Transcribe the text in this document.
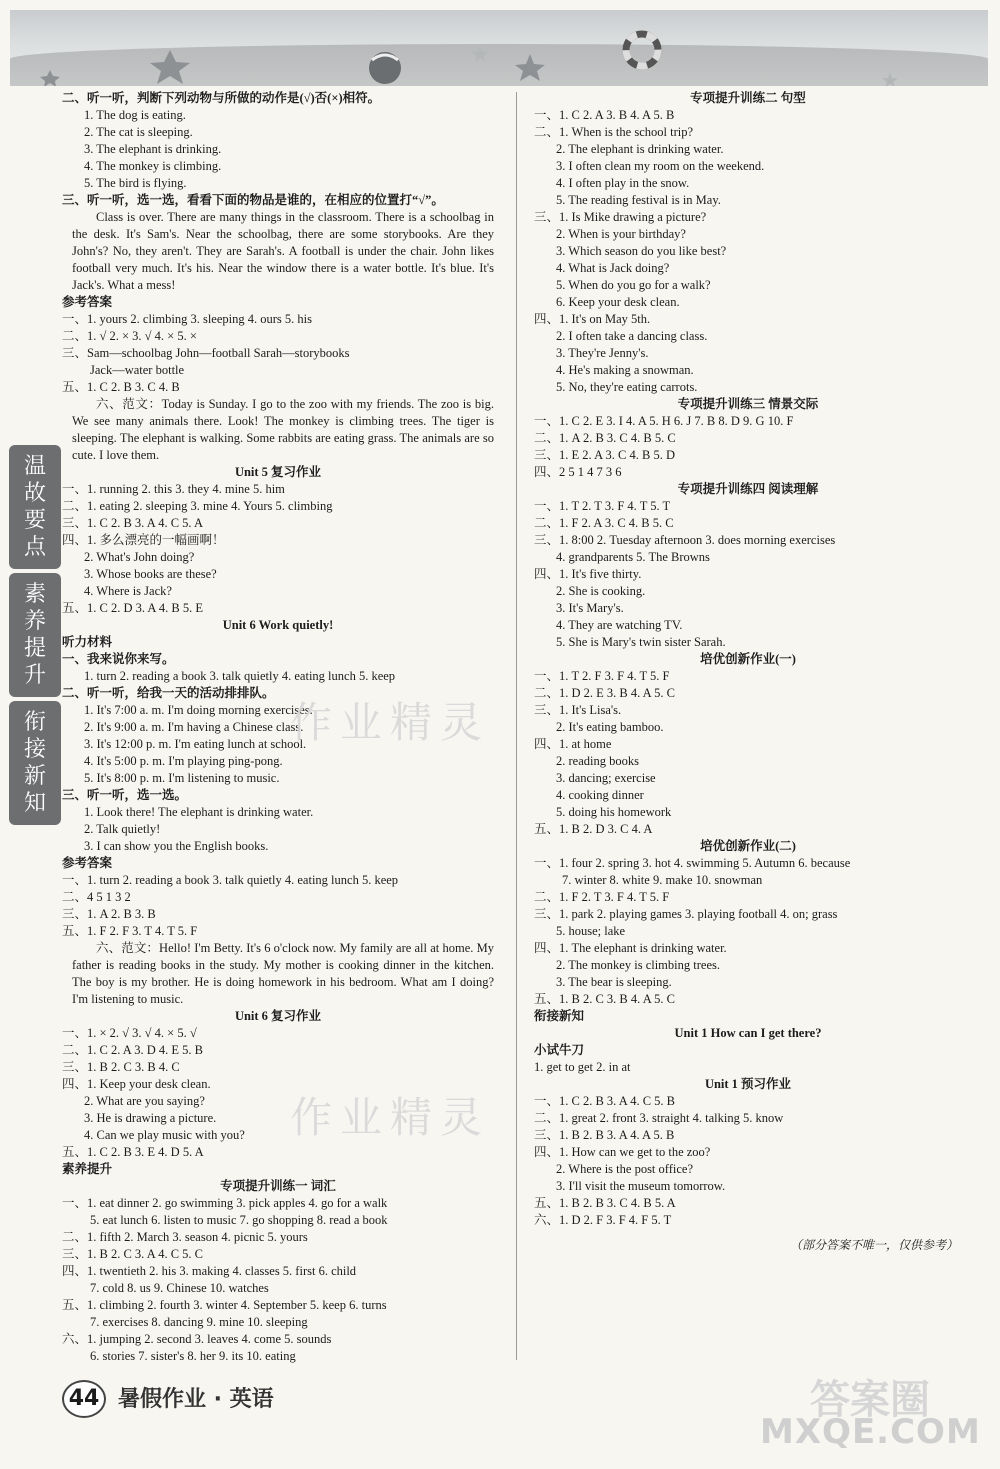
二、听一听，判断下列动物与所做的动作是(√)否(×)相符。
1. The dog is eating.
2. The cat is sleeping.
3. The elephant is drinking.
4. The monkey is climbing.
5. The bird is flying.
三、听一听，选一选，看看下面的物品是谁的，在相应的位置打“√”。
Class is over. There are many things in the classroom. There is a schoolbag in the desk. It's Sam's. Near the schoolbag, there are some storybooks. Are they John's? No, they aren't. They are Sarah's. A football is under the chair. John likes football very much. It's his. Near the window there is a water bottle. It's blue. It's Jack's. What a mess!
参考答案
一、1. yours 2. climbing 3. sleeping 4. ours 5. his
二、1. √ 2. × 3. √ 4. × 5. ×
三、Sam—schoolbag John—football Sarah—storybooks
Jack—water bottle
五、1. C 2. B 3. C 4. B
六、范文：Today is Sunday. I go to the zoo with my friends. The zoo is big. We see many animals there. Look! The monkey is climbing trees. The tiger is sleeping. The elephant is walking. Some rabbits are eating grass. The animals are so cute. I love them.
Unit 5 复习作业
一、1. running 2. this 3. they 4. mine 5. him
二、1. eating 2. sleeping 3. mine 4. Yours 5. climbing
三、1. C 2. B 3. A 4. C 5. A
四、1. 多么漂亮的一幅画啊！
2. What's John doing?
3. Whose books are these?
4. Where is Jack?
五、1. C 2. D 3. A 4. B 5. E
Unit 6 Work quietly!
听力材料
一、我来说你来写。
1. turn 2. reading a book 3. talk quietly 4. eating lunch 5. keep
二、听一听，给我一天的活动排排队。
1. It's 7:00 a. m. I'm doing morning exercises.
2. It's 9:00 a. m. I'm having a Chinese class.
3. It's 12:00 p. m. I'm eating lunch at school.
4. It's 5:00 p. m. I'm playing ping-pong.
5. It's 8:00 p. m. I'm listening to music.
三、听一听，选一选。
1. Look there! The elephant is drinking water.
2. Talk quietly!
3. I can show you the English books.
参考答案
一、1. turn 2. reading a book 3. talk quietly 4. eating lunch 5. keep
二、4 5 1 3 2
三、1. A 2. B 3. B
五、1. F 2. F 3. T 4. T 5. F
六、范文：Hello! I'm Betty. It's 6 o'clock now. My family are all at home. My father is reading books in the study. My mother is cooking dinner in the kitchen. The boy is my brother. He is doing homework in his bedroom. What am I doing? I'm listening to music.
Unit 6 复习作业
一、1. × 2. √ 3. √ 4. × 5. √
二、1. C 2. A 3. D 4. E 5. B
三、1. B 2. C 3. B 4. C
四、1. Keep your desk clean.
2. What are you saying?
3. He is drawing a picture.
4. Can we play music with you?
五、1. C 2. B 3. E 4. D 5. A
素养提升
专项提升训练一 词汇
一、1. eat dinner 2. go swimming 3. pick apples 4. go for a walk
5. eat lunch 6. listen to music 7. go shopping 8. read a book
二、1. fifth 2. March 3. season 4. picnic 5. yours
三、1. B 2. C 3. A 4. C 5. C
四、1. twentieth 2. his 3. making 4. classes 5. first 6. child
7. cold 8. us 9. Chinese 10. watches
五、1. climbing 2. fourth 3. winter 4. September 5. keep 6. turns
7. exercises 8. dancing 9. mine 10. sleeping
六、1. jumping 2. second 3. leaves 4. come 5. sounds
6. stories 7. sister's 8. her 9. its 10. eating
专项提升训练二 句型
一、1. C 2. A 3. B 4. A 5. B
二、1. When is the school trip?
2. The elephant is drinking water.
3. I often clean my room on the weekend.
4. I often play in the snow.
5. The reading festival is in May.
三、1. Is Mike drawing a picture?
2. When is your birthday?
3. Which season do you like best?
4. What is Jack doing?
5. When do you go for a walk?
6. Keep your desk clean.
四、1. It's on May 5th.
2. I often take a dancing class.
3. They're Jenny's.
4. He's making a snowman.
5. No, they're eating carrots.
专项提升训练三 情景交际
一、1. C 2. E 3. I 4. A 5. H 6. J 7. B 8. D 9. G 10. F
二、1. A 2. B 3. C 4. B 5. C
三、1. E 2. A 3. C 4. B 5. D
四、2 5 1 4 7 3 6
专项提升训练四 阅读理解
一、1. T 2. T 3. F 4. T 5. T
二、1. F 2. A 3. C 4. B 5. C
三、1. 8:00 2. Tuesday afternoon 3. does morning exercises
4. grandparents 5. The Browns
四、1. It's five thirty.
2. She is cooking.
3. It's Mary's.
4. They are watching TV.
5. She is Mary's twin sister Sarah.
培优创新作业(一)
一、1. T 2. F 3. F 4. T 5. F
二、1. D 2. E 3. B 4. A 5. C
三、1. It's Lisa's.
2. It's eating bamboo.
四、1. at home
2. reading books
3. dancing; exercise
4. cooking dinner
5. doing his homework
五、1. B 2. D 3. C 4. A
培优创新作业(二)
一、1. four 2. spring 3. hot 4. swimming 5. Autumn 6. because
7. winter 8. white 9. make 10. snowman
二、1. F 2. T 3. F 4. T 5. F
三、1. park 2. playing games 3. playing football 4. on; grass
5. house; lake
四、1. The elephant is drinking water.
2. The monkey is climbing trees.
3. The bear is sleeping.
五、1. B 2. C 3. B 4. A 5. C
衔接新知
Unit 1 How can I get there?
小试牛刀
1. get to get 2. in at
Unit 1 预习作业
一、1. C 2. B 3. A 4. C 5. B
二、1. great 2. front 3. straight 4. talking 5. know
三、1. B 2. B 3. A 4. A 5. B
四、1. How can we get to the zoo?
2. Where is the post office?
3. I'll visit the museum tomorrow.
五、1. B 2. B 3. C 4. B 5. A
六、1. D 2. F 3. F 4. F 5. T
温
故
要
点
素
养
提
升
衔
接
新
知
（部分答案不唯一，仅供参考）
作业精灵
作业精灵
44 暑假作业 · 英语	答案圈
MXQE.COM
